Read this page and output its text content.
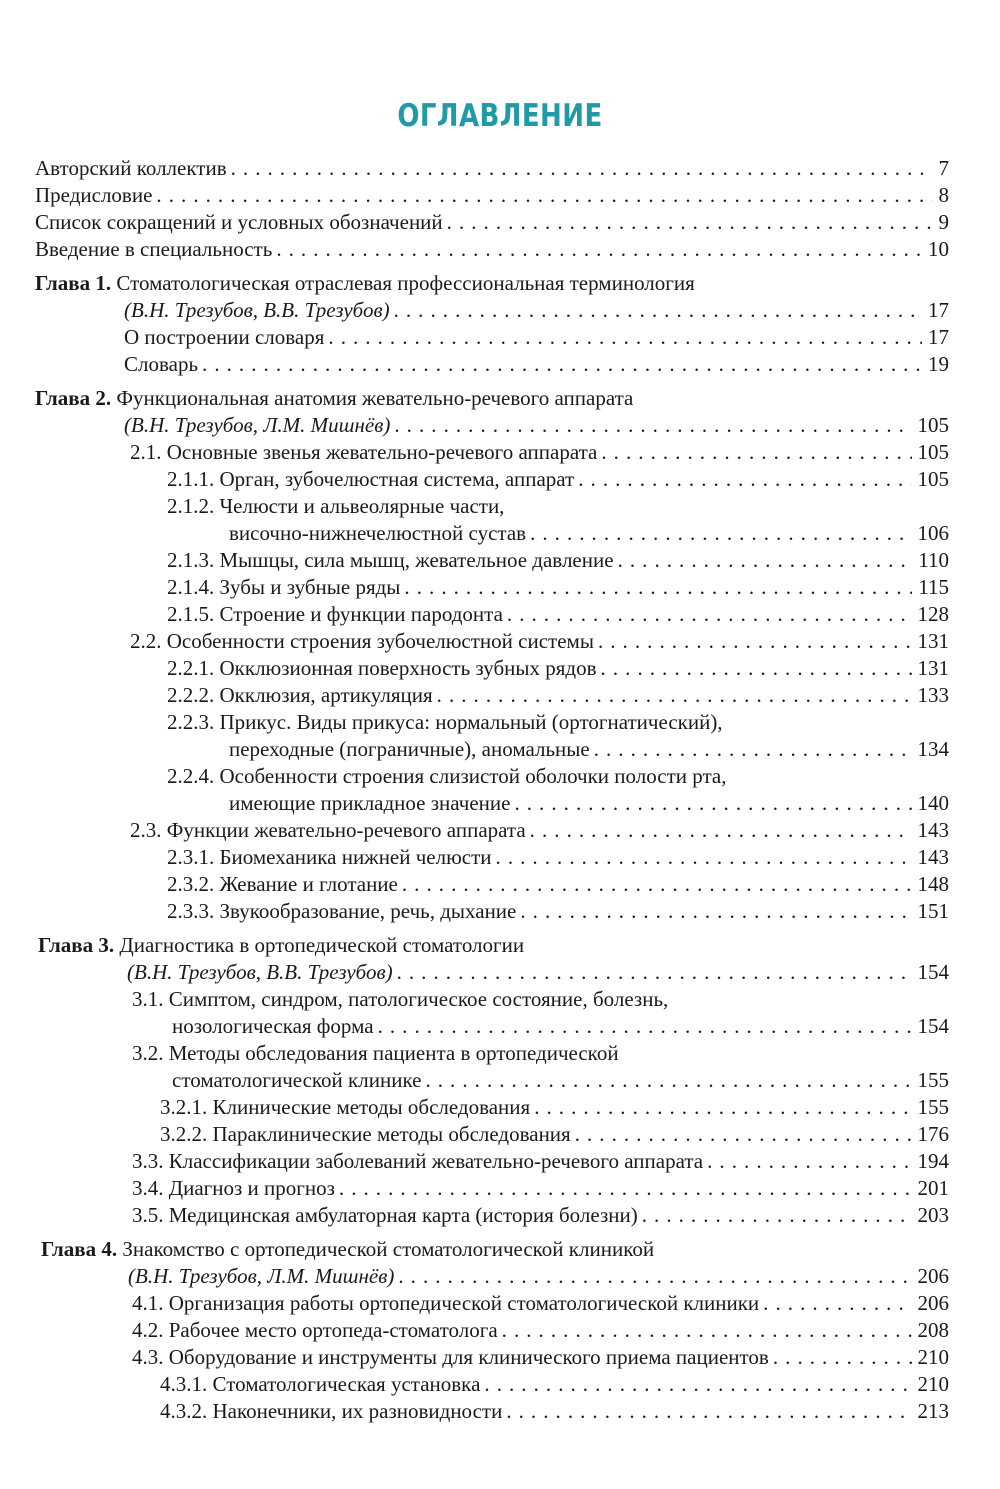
ОГЛАВЛЕНИЕ
Авторский коллектив . . .	7
Предисловие . . .	8
Список сокращений и условных обозначений . . .	9
Введение в специальность . . .	10
Глава 1. Стоматологическая отраслевая профессиональная терминология
(В.Н. Трезубов, В.В. Трезубов) . . .	17
О построении словаря . . .	17
Словарь . . .	19
Глава 2. Функциональная анатомия жевательно-речевого аппарата
(В.Н. Трезубов, Л.М. Мишнёв) . . .	105
2.1. Основные звенья жевательно-речевого аппарата . . .	105
2.1.1. Орган, зубочелюстная система, аппарат . . .	105
2.1.2. Челюсти и альвеолярные части,
височно-нижнечелюстной сустав . . .	106
2.1.3. Мышцы, сила мышц, жевательное давление . . .	110
2.1.4. Зубы и зубные ряды . . .	115
2.1.5. Строение и функции пародонта . . .	128
2.2. Особенности строения зубочелюстной системы . . .	131
2.2.1. Окклюзионная поверхность зубных рядов . . .	131
2.2.2. Окклюзия, артикуляция . . .	133
2.2.3. Прикус. Виды прикуса: нормальный (ортогнатический),
переходные (пограничные), аномальные . . .	134
2.2.4. Особенности строения слизистой оболочки полости рта,
имеющие прикладное значение . . .	140
2.3. Функции жевательно-речевого аппарата . . .	143
2.3.1. Биомеханика нижней челюсти . . .	143
2.3.2. Жевание и глотание . . .	148
2.3.3. Звукообразование, речь, дыхание . . .	151
Глава 3. Диагностика в ортопедической стоматологии
(В.Н. Трезубов, В.В. Трезубов) . . .	154
3.1. Симптом, синдром, патологическое состояние, болезнь,
нозологическая форма . . .	154
3.2. Методы обследования пациента в ортопедической
стоматологической клинике . . .	155
3.2.1. Клинические методы обследования . . .	155
3.2.2. Параклинические методы обследования . . .	176
3.3. Классификации заболеваний жевательно-речевого аппарата . . .	194
3.4. Диагноз и прогноз . . .	201
3.5. Медицинская амбулаторная карта (история болезни) . . .	203
Глава 4. Знакомство с ортопедической стоматологической клиникой
(В.Н. Трезубов, Л.М. Мишнёв) . . .	206
4.1. Организация работы ортопедической стоматологической клиники . . .	206
4.2. Рабочее место ортопеда-стоматолога . . .	208
4.3. Оборудование и инструменты для клинического приема пациентов . . .	210
4.3.1. Стоматологическая установка . . .	210
4.3.2. Наконечники, их разновидности . . .	213
